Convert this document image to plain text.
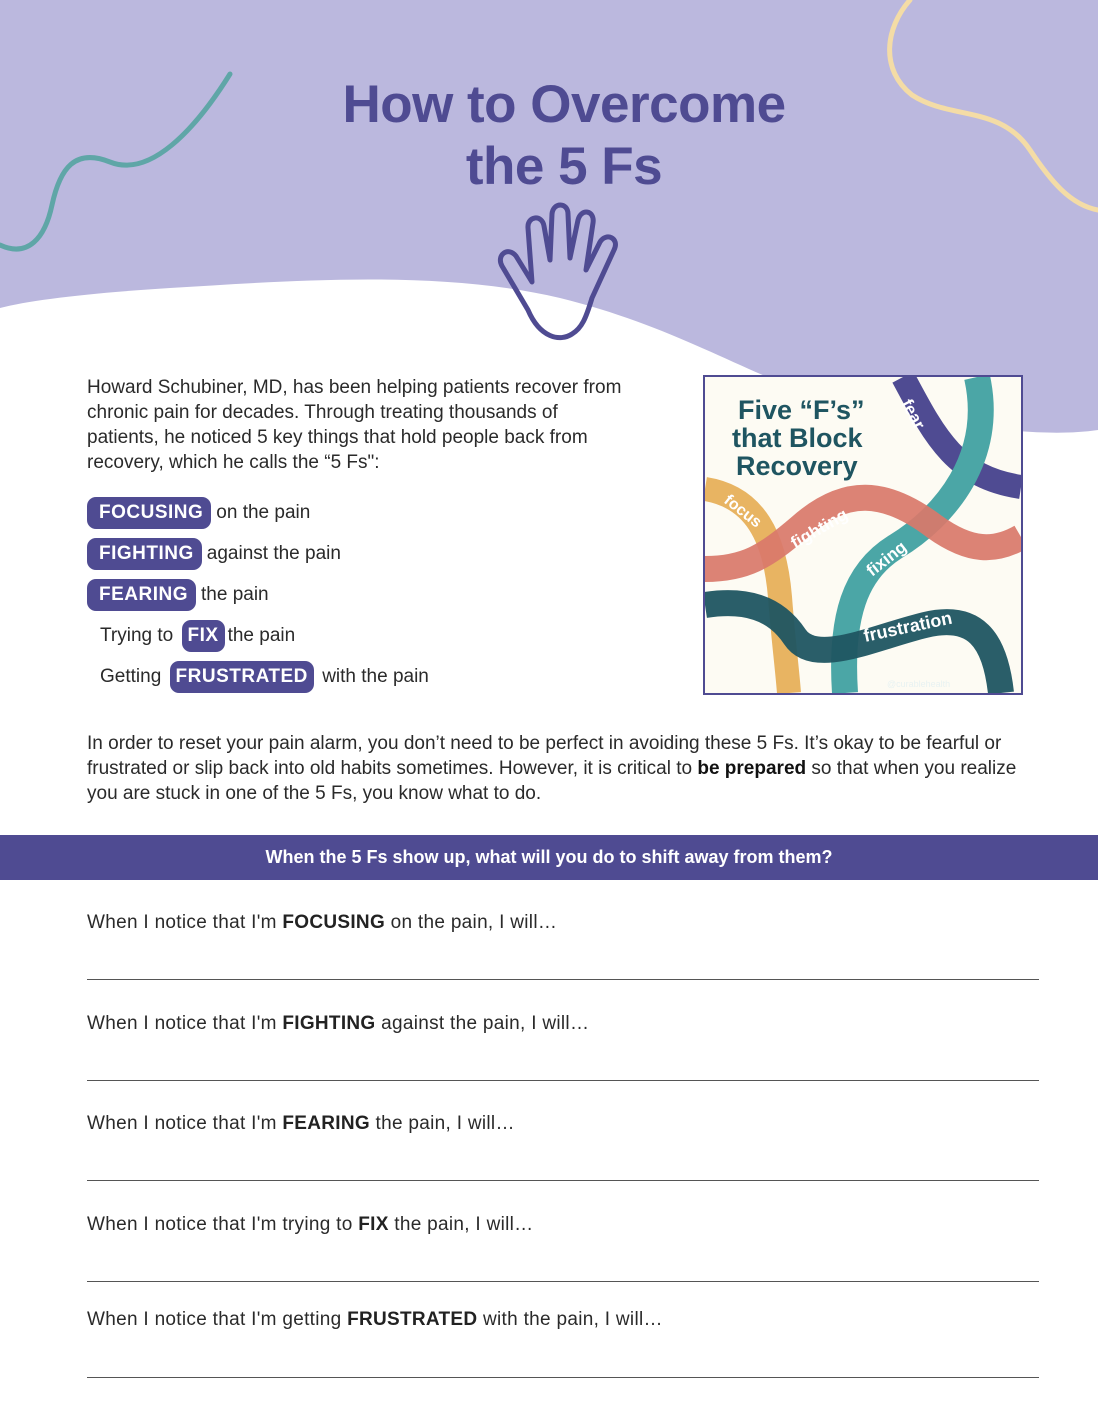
How to Overcome
the 5 Fs

Howard Schubiner, MD, has been helping patients recover from chronic pain for decades. Through treating thousands of patients, he noticed 5 key things that hold people back from recovery, which he calls the “5 Fs":

FOCUSING on the pain
FIGHTING against the pain
FEARING the pain
Trying to FIX the pain
Getting FRUSTRATED with the pain
Five “F’s”
that Block
Recovery
fear
focus fighting
fixing
frustration
@curablehealth

In order to reset your pain alarm, you don’t need to be perfect in avoiding these 5 Fs. It’s okay to be fearful or frustrated or slip back into old habits sometimes. However, it is critical to be prepared so that when you realize you are stuck in one of the 5 Fs, you know what to do.

When the 5 Fs show up, what will you do to shift away from them?
When I notice that I'm FOCUSING on the pain, I will…
When I notice that I'm FIGHTING against the pain, I will…
When I notice that I'm FEARING the pain, I will…
When I notice that I'm trying to FIX the pain, I will…
When I notice that I'm getting FRUSTRATED with the pain, I will…
